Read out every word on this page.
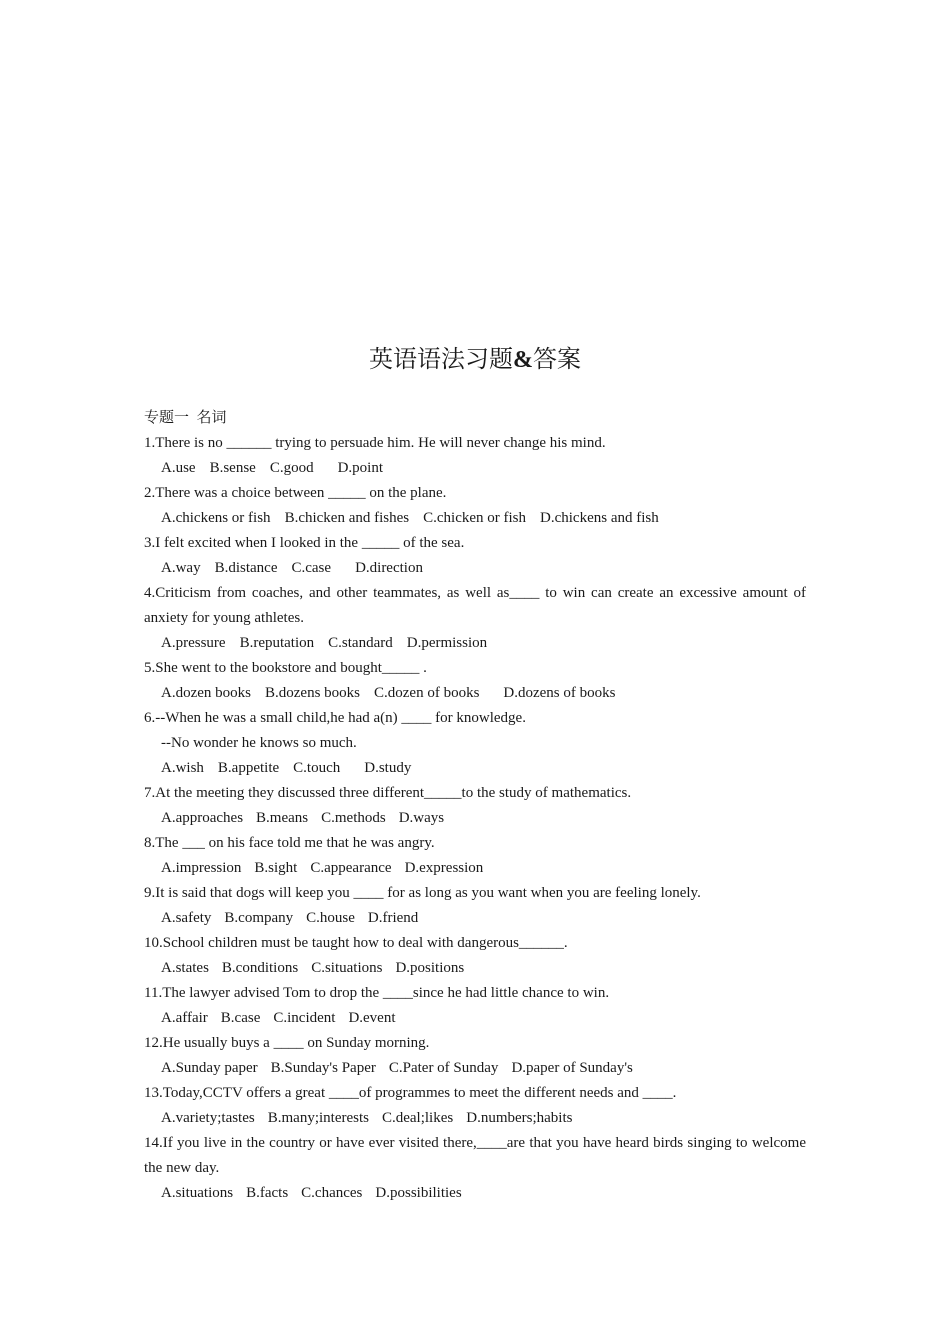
英语语法习题&答案

专题一  名词

1.There is no ______ trying to persuade him. He will never change his mind.

A.use B.sense C.good D.point

2.There was a choice between _____ on the plane.

A.chickens or fish B.chicken and fishes C.chicken or fish D.chickens and fish

3.I felt excited when I looked in the _____ of the sea.

A.way B.distance C.case D.direction

4.Criticism from coaches, and other teammates, as well as____ to win can create an excessive amount of anxiety for young athletes.

A.pressure B.reputation C.standard D.permission

5.She went to the bookstore and bought_____ .

A.dozen books B.dozens books C.dozen of books D.dozens of books

6.--When he was a small child,he had a(n) ____ for knowledge.

--No wonder he knows so much.

A.wish B.appetite C.touch D.study

7.At the meeting they discussed three different_____to the study of mathematics.

A.approaches B.means C.methods D.ways

8.The ___ on his face told me that he was angry.

A.impression B.sight C.appearance D.expression

9.It is said that dogs will keep you ____ for as long as you want when you are feeling lonely.

A.safety B.company C.house D.friend

10.School children must be taught how to deal with dangerous______.

A.states B.conditions C.situations D.positions

11.The lawyer advised Tom to drop the ____since he had little chance to win.

A.affair B.case C.incident D.event

12.He usually buys a ____ on Sunday morning.

A.Sunday paper B.Sunday's Paper C.Pater of Sunday D.paper of Sunday's

13.Today,CCTV offers a great ____of programmes to meet the different needs and ____.

A.variety;tastes B.many;interests C.deal;likes D.numbers;habits

14.If you live in the country or have ever visited there,____are that you have heard birds singing to welcome the new day.

A.situations B.facts C.chances D.possibilities
